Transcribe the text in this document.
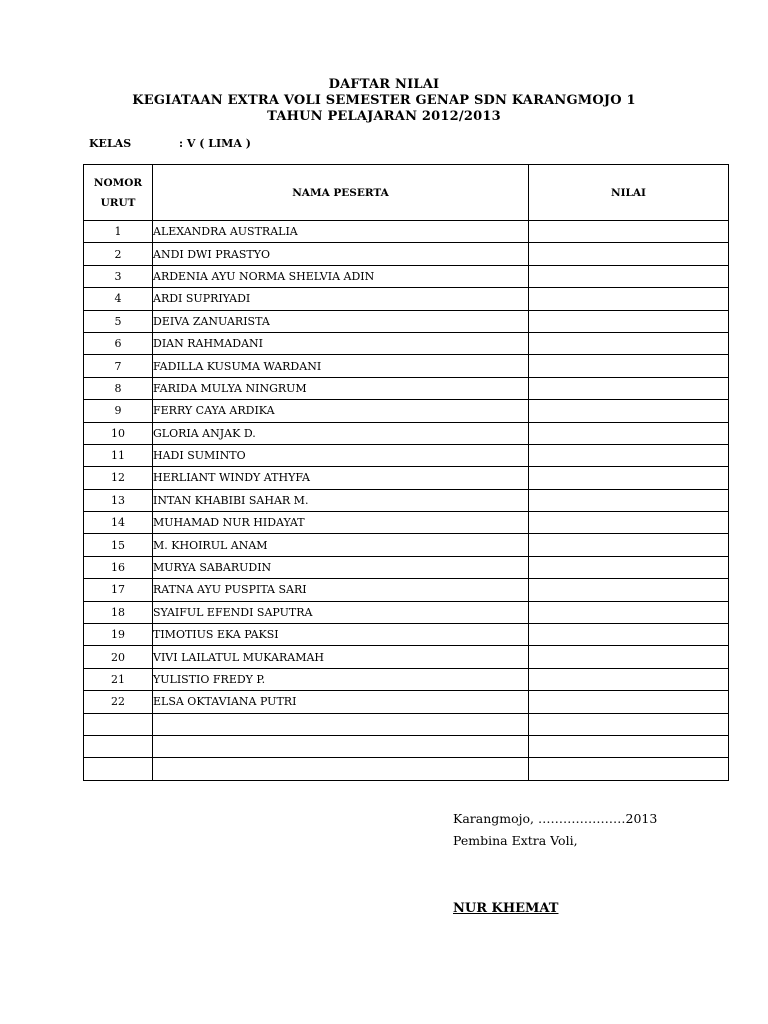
DAFTAR NILAI
KEGIATAAN EXTRA VOLI SEMESTER GENAP SDN KARANGMOJO 1
TAHUN PELAJARAN 2012/2013
KELAS	: V ( LIMA )
NOMOR
URUT	NAMA PESERTA	NILAI
1	ALEXANDRA AUSTRALIA	
2	ANDI DWI PRASTYO	
3	ARDENIA AYU NORMA SHELVIA ADIN	
4	ARDI SUPRIYADI	
5	DEIVA ZANUARISTA	
6	DIAN RAHMADANI	
7	FADILLA KUSUMA WARDANI	
8	FARIDA MULYA NINGRUM	
9	FERRY CAYA ARDIKA	
10	GLORIA ANJAK D.	
11	HADI SUMINTO	
12	HERLIANT WINDY ATHYFA	
13	INTAN KHABIBI SAHAR M.	
14	MUHAMAD NUR HIDAYAT	
15	M. KHOIRUL ANAM	
16	MURYA SABARUDIN	
17	RATNA AYU PUSPITA SARI	
18	SYAIFUL EFENDI SAPUTRA	
19	TIMOTIUS EKA PAKSI	
20	VIVI LAILATUL MUKARAMAH	
21	YULISTIO FREDY P.	
22	ELSA OKTAVIANA PUTRI	

Karangmojo, …………………2013
Pembina Extra Voli,
NUR KHEMAT
